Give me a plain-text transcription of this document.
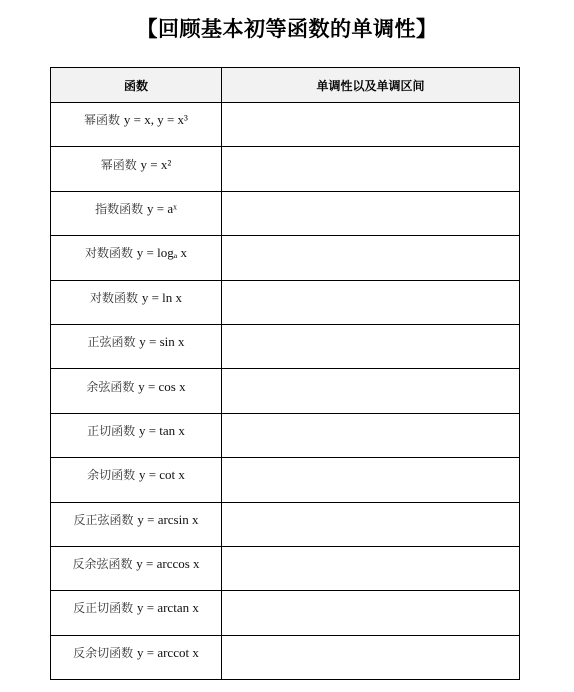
【回顾基本初等函数的单调性】
函数	单调性以及单调区间
$^{幂函数 y = x, y = x^3}$	
$^{幂函数 y = x^2}$	
$^{指数函数 y = aˣ}$	
$^{对数函数 y = log_a x}$	
$^{对数函数 y = ln x}$	
$^{正弦函数 y = sin x}$	
$^{余弦函数 y = cos x}$	
$^{正切函数 y = tan x}$	
$^{余切函数 y = cot x}$	
$^{反正弦函数 y = arcsin x}$	
$^{反余弦函数 y = arccos x}$	
$^{反正切函数 y = arctan x}$	
$^{反余切函数 y = arccot x}$	
